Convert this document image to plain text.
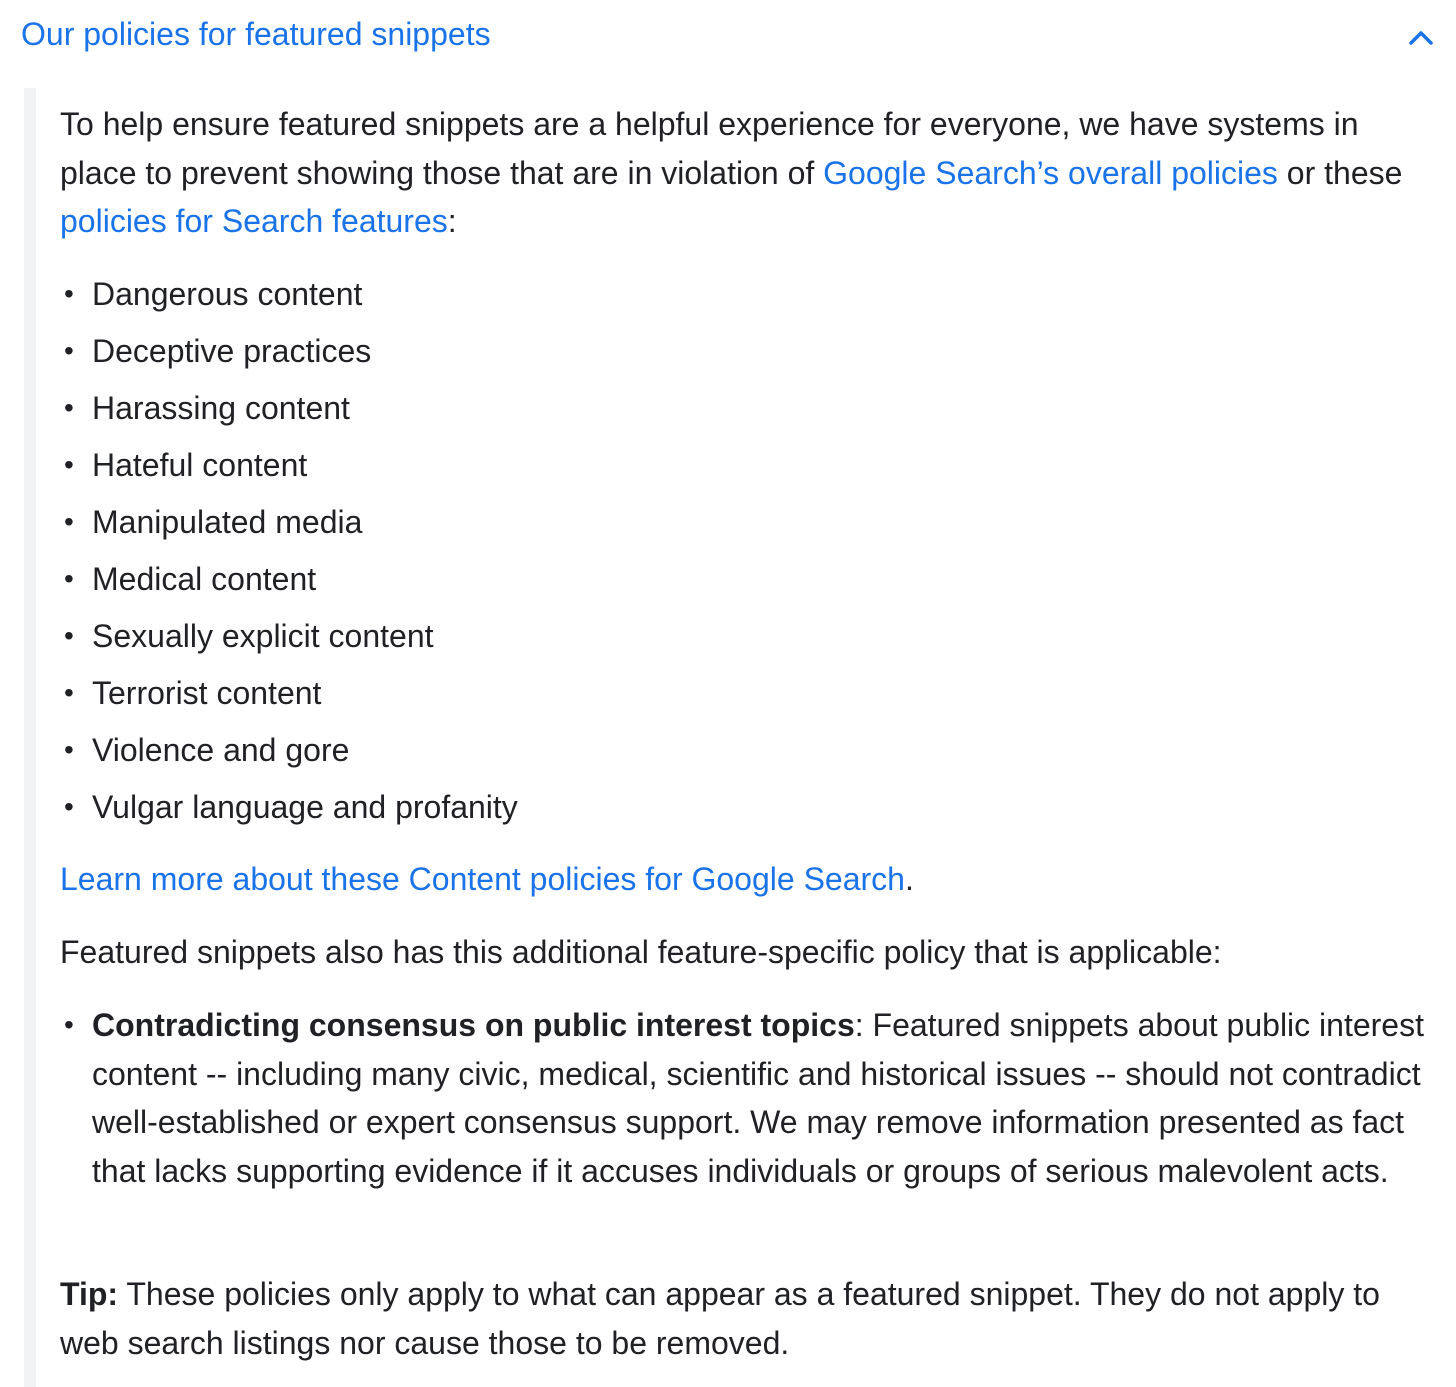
Our policies for featured snippets

To help ensure featured snippets are a helpful experience for everyone, we have systems in place to prevent showing those that are in violation of Google Search’s overall policies or these policies for Search features:

• Dangerous content
• Deceptive practices
• Harassing content
• Hateful content
• Manipulated media
• Medical content
• Sexually explicit content
• Terrorist content
• Violence and gore
• Vulgar language and profanity

Learn more about these Content policies for Google Search.

Featured snippets also has this additional feature-specific policy that is applicable:

• Contradicting consensus on public interest topics: Featured snippets about public interest content -- including many civic, medical, scientific and historical issues -- should not contradict well-established or expert consensus support. We may remove information presented as fact that lacks supporting evidence if it accuses individuals or groups of serious malevolent acts.

Tip: These policies only apply to what can appear as a featured snippet. They do not apply to web search listings nor cause those to be removed.
